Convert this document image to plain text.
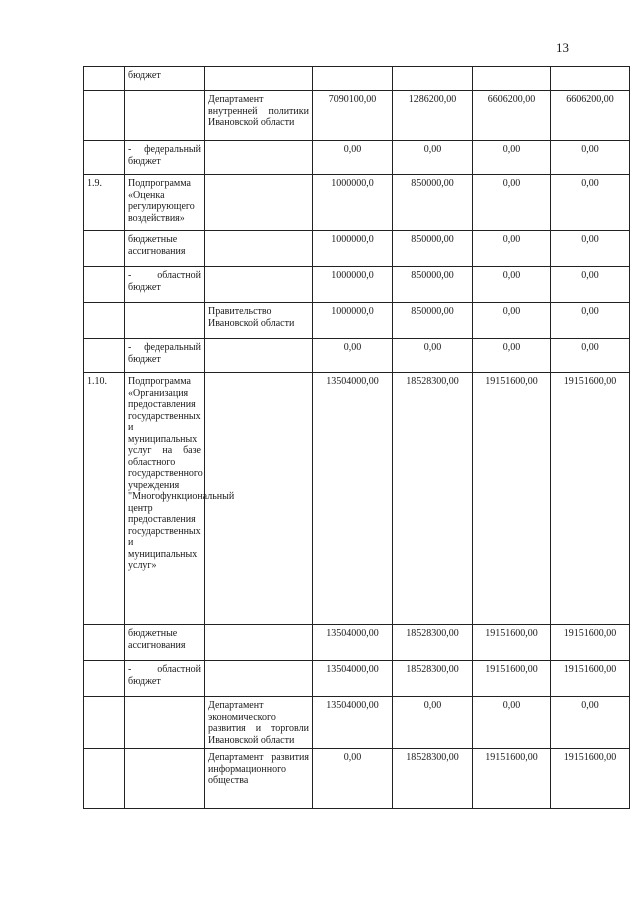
13
	бюджет					
		Департамент внутренней политики Ивановской области	7090100,00	1286200,00	6606200,00	6606200,00
	- федеральный бюджет		0,00	0,00	0,00	0,00
1.9.	Подпрограмма «Оценка регулирующего воздействия»		1000000,0	850000,00	0,00	0,00
	бюджетные ассигнования		1000000,0	850000,00	0,00	0,00
	- областной бюджет		1000000,0	850000,00	0,00	0,00
		Правительство Ивановской области	1000000,0	850000,00	0,00	0,00
	- федеральный бюджет		0,00	0,00	0,00	0,00
1.10.	Подпрограмма «Организация предоставления государственных и муниципальных услуг на базе областного государственного учреждения "Многофункциональный центр предоставления государственных и муниципальных услуг»		13504000,00	18528300,00	19151600,00	19151600,00
	бюджетные ассигнования		13504000,00	18528300,00	19151600,00	19151600,00
	- областной бюджет		13504000,00	18528300,00	19151600,00	19151600,00
		Департамент экономического развития и торговли Ивановской области	13504000,00	0,00	0,00	0,00
		Департамент развития информационного общества	0,00	18528300,00	19151600,00	19151600,00
